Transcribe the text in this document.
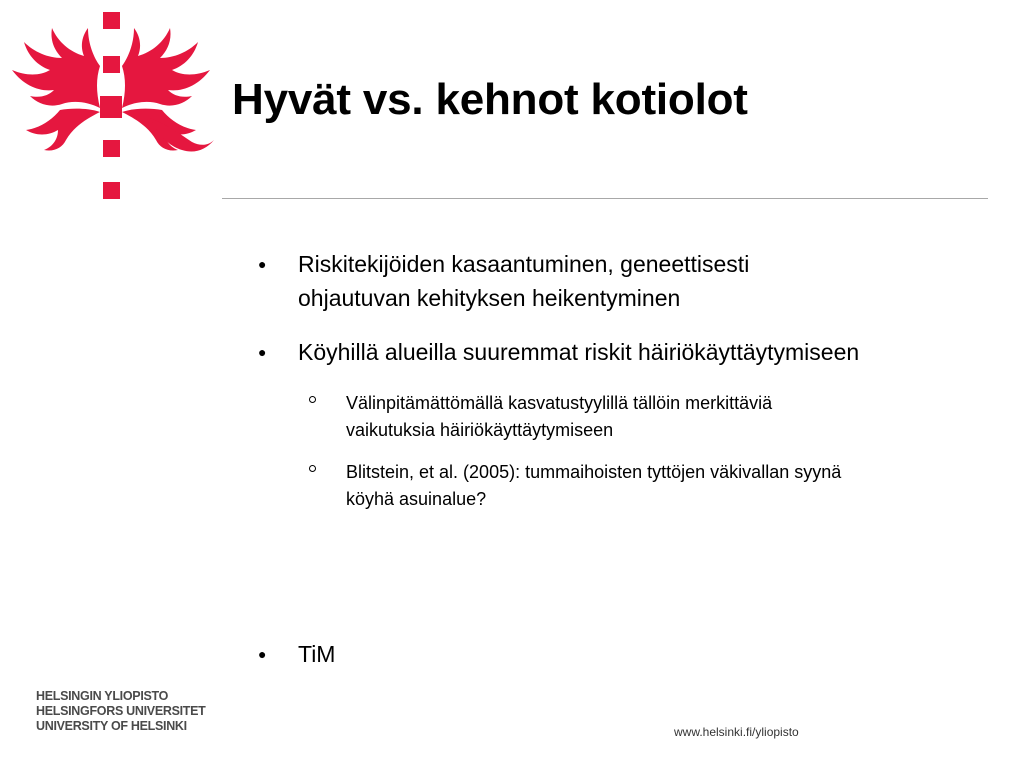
Hyvät vs. kehnot kotiolot
● Riskitekijöiden kasaantuminen, geneettisesti
ohjautuvan kehityksen heikentyminen
● Köyhillä alueilla suuremmat riskit häiriökäyttäytymiseen
Välinpitämättömällä kasvatustyylillä tällöin merkittäviä
vaikutuksia häiriökäyttäytymiseen
Blitstein, et al. (2005): tummaihoisten tyttöjen väkivallan syynä
köyhä asuinalue?
● TiM
HELSINGIN YLIOPISTO
HELSINGFORS UNIVERSITET
UNIVERSITY OF HELSINKI	www.helsinki.fi/yliopisto
